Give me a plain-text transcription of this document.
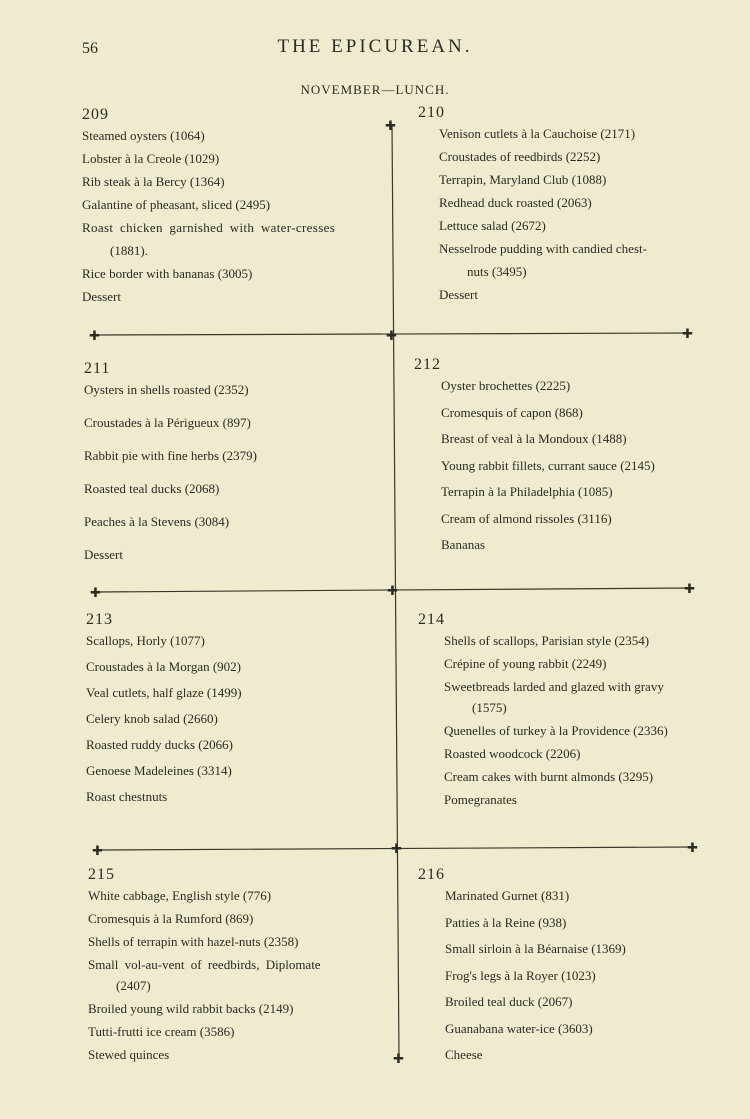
56	THE EPICUREAN.
NOVEMBER—LUNCH.
✚
✚	✚	✚
✚	✚	✚
✚	✚	✚
✚
209
Steamed oysters (1064)
Lobster à la Creole (1029)
Rib steak à la Bercy (1364)
Galantine of pheasant, sliced (2495)
Roast chicken garnished with water-cresses
(1881).
Rice border with bananas (3005)
Dessert
210
Venison cutlets à la Cauchoise (2171)
Croustades of reedbirds (2252)
Terrapin, Maryland Club (1088)
Redhead duck roasted (2063)
Lettuce salad (2672)
Nesselrode pudding with candied chest-
nuts (3495)
Dessert
211
Oysters in shells roasted (2352)
Croustades à la Périgueux (897)
Rabbit pie with fine herbs (2379)
Roasted teal ducks (2068)
Peaches à la Stevens (3084)
Dessert
212
Oyster brochettes (2225)
Cromesquis of capon (868)
Breast of veal à la Mondoux (1488)
Young rabbit fillets, currant sauce (2145)
Terrapin à la Philadelphia (1085)
Cream of almond rissoles (3116)
Bananas
213
Scallops, Horly (1077)
Croustades à la Morgan (902)
Veal cutlets, half glaze (1499)
Celery knob salad (2660)
Roasted ruddy ducks (2066)
Genoese Madeleines (3314)
Roast chestnuts
214
Shells of scallops, Parisian style (2354)
Crépine of young rabbit (2249)
Sweetbreads larded and glazed with gravy
(1575)
Quenelles of turkey à la Providence (2336)
Roasted woodcock (2206)
Cream cakes with burnt almonds (3295)
Pomegranates
215
White cabbage, English style (776)
Cromesquis à la Rumford (869)
Shells of terrapin with hazel-nuts (2358)
Small vol-au-vent of reedbirds, Diplomate
(2407)
Broiled young wild rabbit backs (2149)
Tutti-frutti ice cream (3586)
Stewed quinces
216
Marinated Gurnet (831)
Patties à la Reine (938)
Small sirloin à la Béarnaise (1369)
Frog's legs à la Royer (1023)
Broiled teal duck (2067)
Guanabana water-ice (3603)
Cheese
